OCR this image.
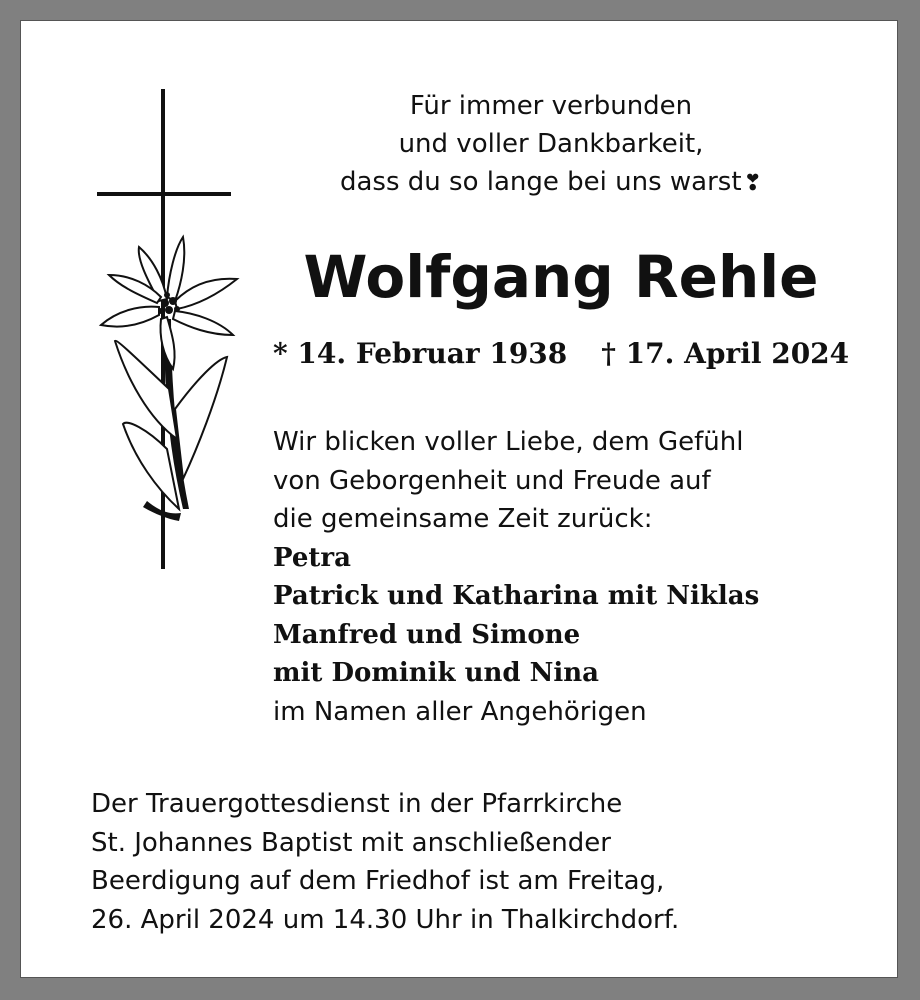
Für immer verbunden
und voller Dankbarkeit,
dass du so lange bei uns warst❣
Wolfgang Rehle
* 14. Februar 1938 † 17. April 2024
Wir blicken voller Liebe, dem Gefühl
von Geborgenheit und Freude auf
die gemeinsame Zeit zurück:
Petra
Patrick und Katharina mit Niklas
Manfred und Simone
mit Dominik und Nina
im Namen aller Angehörigen
Der Trauergottesdienst in der Pfarrkirche
St. Johannes Baptist mit anschließender
Beerdigung auf dem Friedhof ist am Freitag,
26. April 2024 um 14.30 Uhr in Thalkirchdorf.
